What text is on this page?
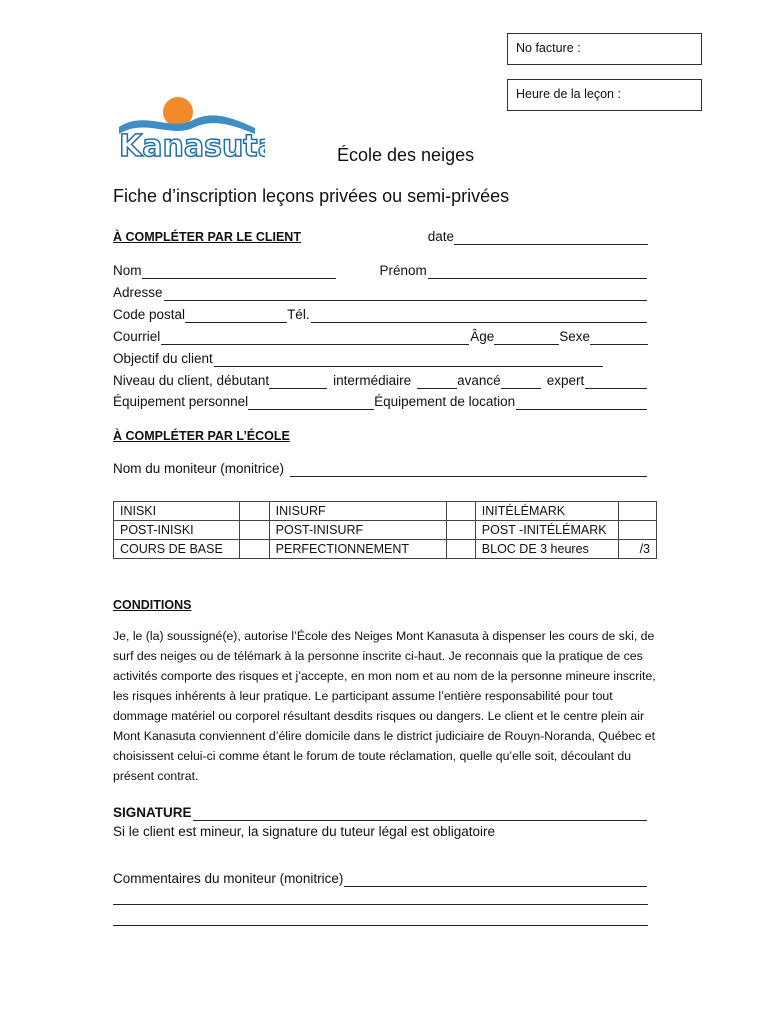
No facture :
Heure de la leçon :
Kanasuta	École des neiges
Fiche d’inscription leçons privées ou semi-privées
À COMPLÉTER PAR LE CLIENT	date
Nom	Prénom
Adresse
Code postal	Tél.
Courriel	Âge	Sexe
Objectif du client
Niveau du client, débutant	intermédiaire	avancé	expert
Équipement personnel	Équipement de location
À COMPLÉTER PAR L’ÉCOLE
Nom du moniteur (monitrice)
INISKI		INISURF		INITÉLÉMARK	
POST-INISKI		POST-INISURF		POST -INITÉLÉMARK	
COURS DE BASE		PERFECTIONNEMENT		BLOC DE 3 heures	/3
CONDITIONS
Je, le (la) soussigné(e), autorise l’École des Neiges Mont Kanasuta à dispenser les cours de ski, de surf des neiges ou de télémark à la personne inscrite ci-haut. Je reconnais que la pratique de ces activités comporte des risques et j’accepte, en mon nom et au nom de la personne mineure inscrite, les risques inhérents à leur pratique. Le participant assume l’entière responsabilité pour tout dommage matériel ou corporel résultant desdits risques ou dangers. Le client et le centre plein air Mont Kanasuta conviennent d’élire domicile dans le district judiciaire de Rouyn-Noranda, Québec et choisissent celui-ci comme étant le forum de toute réclamation, quelle qu’elle soit, découlant du présent contrat.
SIGNATURE
Si le client est mineur, la signature du tuteur légal est obligatoire
Commentaires du moniteur (monitrice)
